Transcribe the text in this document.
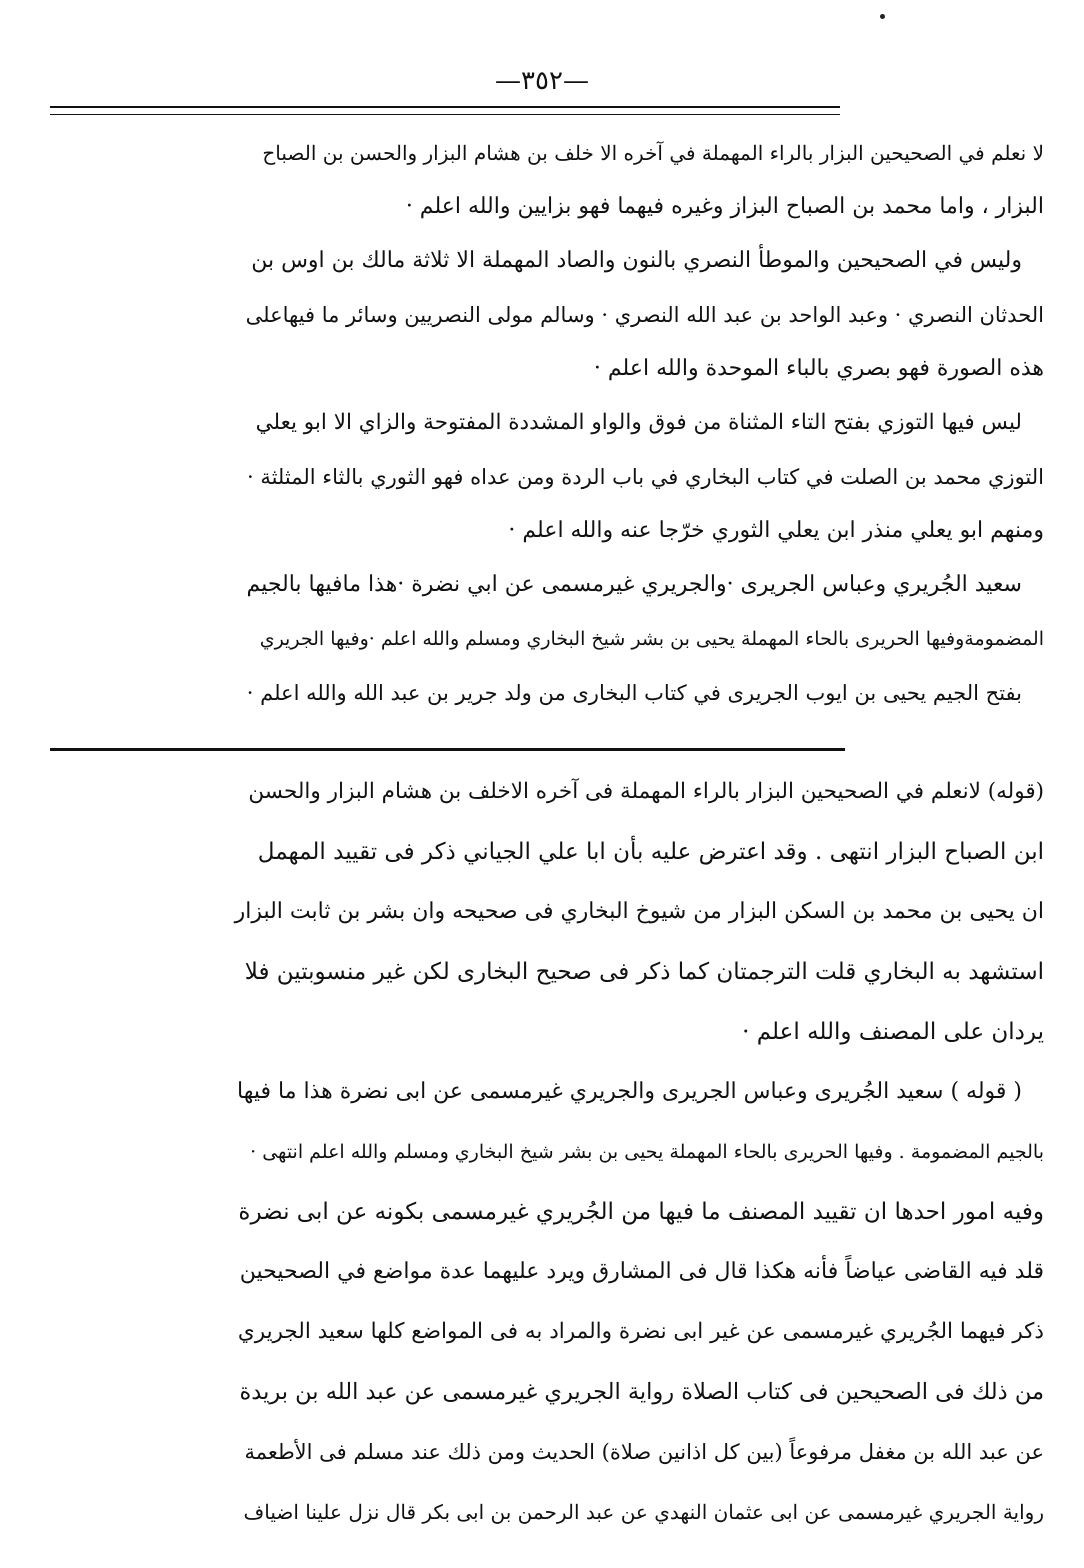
—٣٥٢—
لا نعلم في الصحيحين البزار بالراء المهملة في آخره الا خلف بن هشام البزار والحسن بن الصباح
البزار ، واما محمد بن الصباح البزاز وغيره فيهما فهو بزايين والله اعلم ·
وليس في الصحيحين والموطأ النصري بالنون والصاد المهملة الا ثلاثة مالك بن اوس بن
الحدثان النصري · وعبد الواحد بن عبد الله النصري · وسالم مولى النصريين وسائر ما فيهاعلى
هذه الصورة فهو بصري بالباء الموحدة والله اعلم ·
ليس فيها التوزي بفتح التاء المثناة من فوق والواو المشددة المفتوحة والزاي الا ابو يعلي
التوزي محمد بن الصلت في كتاب البخاري في باب الردة ومن عداه فهو الثوري بالثاء المثلثة ·
ومنهم ابو يعلي منذر ابن يعلي الثوري خرّجا عنه والله اعلم ·
سعيد الجُريري وعباس الجريرى ·والجريري غيرمسمى عن ابي نضرة ·هذا مافيها بالجيم
المضمومةوفيها الحريرى بالحاء المهملة يحيى بن بشر شيخ البخاري ومسلم والله اعلم ·وفيها الجريري
بفتح الجيم يحيى بن ايوب الجريرى في كتاب البخارى من ولد جرير بن عبد الله والله اعلم ·
(قوله) لانعلم في الصحيحين البزار بالراء المهملة فى آخره الاخلف بن هشام البزار والحسن
ابن الصباح البزار انتهى . وقد اعترض عليه بأن ابا علي الجياني ذكر فى تقييد المهمل
ان يحيى بن محمد بن السكن البزار من شيوخ البخاري فى صحيحه وان بشر بن ثابت البزار
استشهد به البخاري قلت الترجمتان كما ذكر فى صحيح البخارى لكن غير منسوبتين فلا
يردان على المصنف والله اعلم ·
( قوله ) سعيد الجُريرى وعباس الجريرى والجريري غيرمسمى عن ابى نضرة هذا ما فيها
بالجيم المضمومة . وفيها الحريرى بالحاء المهملة يحيى بن بشر شيخ البخاري ومسلم والله اعلم انتهى ·
وفيه امور احدها ان تقييد المصنف ما فيها من الجُريري غيرمسمى بكونه عن ابى نضرة
قلد فيه القاضى عياضاً فأنه هكذا قال فى المشارق ويرد عليهما عدة مواضع في الصحيحين
ذكر فيهما الجُريري غيرمسمى عن غير ابى نضرة والمراد به فى المواضع كلها سعيد الجريري
من ذلك فى الصحيحين فى كتاب الصلاة رواية الجريري غيرمسمى عن عبد الله بن بريدة
عن عبد الله بن مغفل مرفوعاً (بين كل اذانين صلاة) الحديث ومن ذلك عند مسلم فى الأطعمة
رواية الجريري غيرمسمى عن ابى عثمان النهدي عن عبد الرحمن بن ابى بكر قال نزل علينا اضياف
